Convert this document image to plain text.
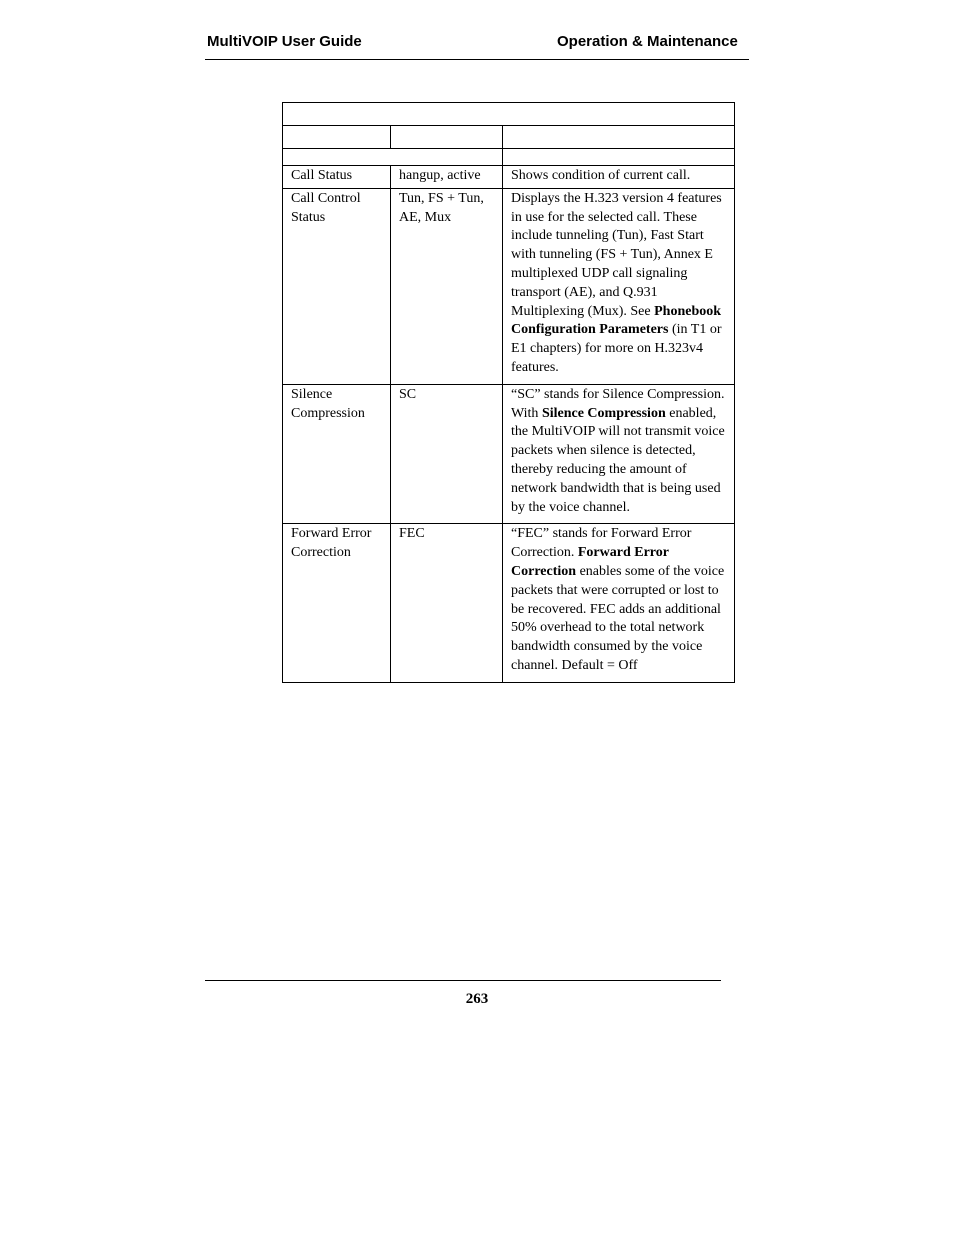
MultiVOIP User Guide	Operation & Maintenance

Call Status	hangup, active	Shows condition of current call.
Call Control Status	Tun, FS + Tun, AE, Mux	Displays the H.323 version 4 features in use for the selected call. These include tunneling (Tun), Fast Start with tunneling (FS + Tun), Annex E multiplexed UDP call signaling transport (AE), and Q.931 Multiplexing (Mux). See Phonebook Configuration Parameters (in T1 or E1 chapters) for more on H.323v4 features.
Silence Compression	SC	“SC” stands for Silence Compression. With Silence Compression enabled, the MultiVOIP will not transmit voice packets when silence is detected, thereby reducing the amount of network bandwidth that is being used by the voice channel.
Forward Error Correction	FEC	“FEC” stands for Forward Error Correction. Forward Error Correction enables some of the voice packets that were corrupted or lost to be recovered. FEC adds an additional 50% overhead to the total network bandwidth consumed by the voice channel. Default = Off
263
